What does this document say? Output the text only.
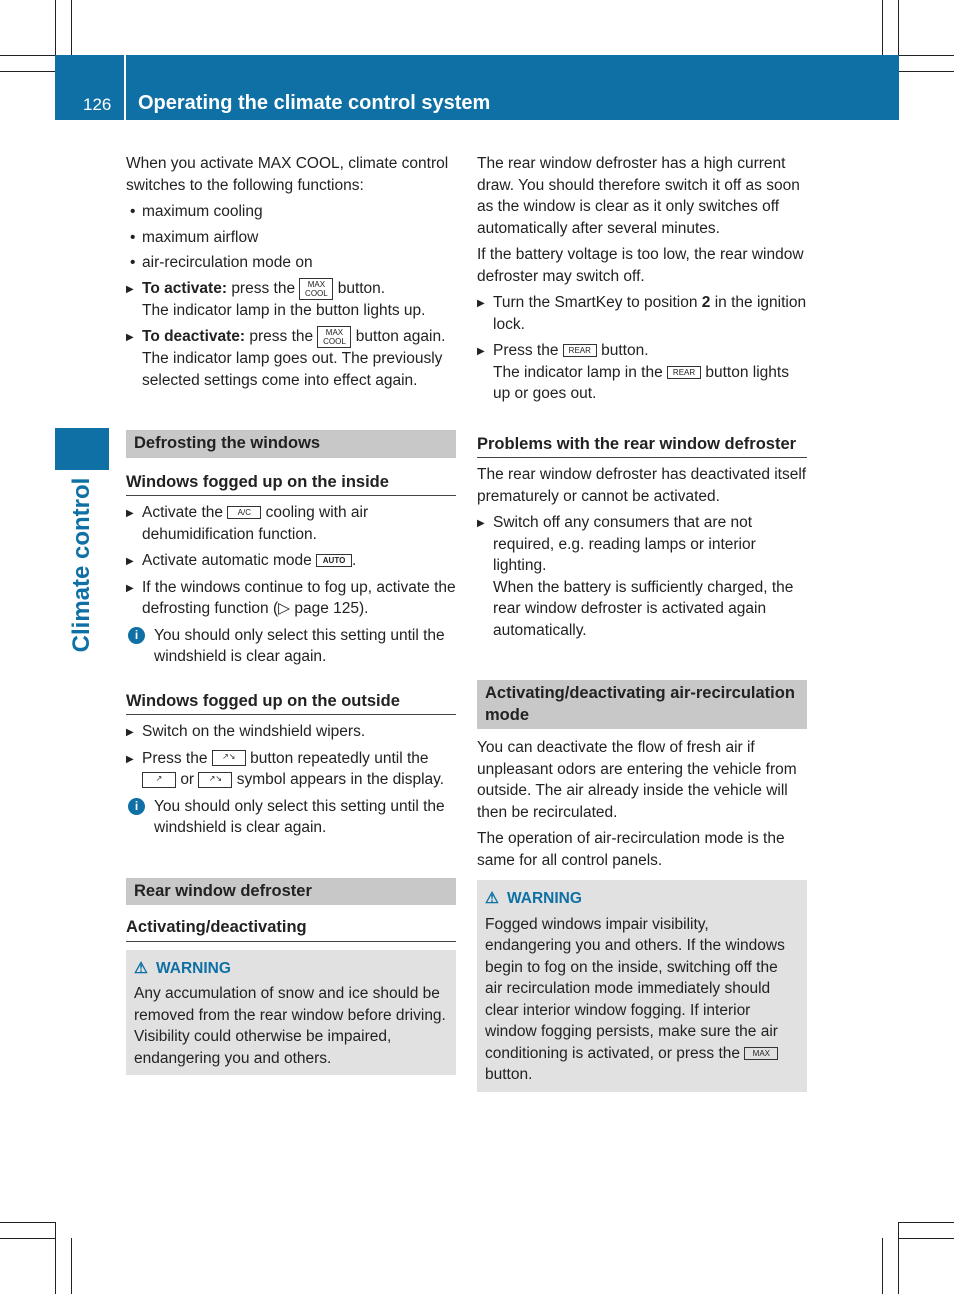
126 Operating the climate control system
Climate control

When you activate MAX COOL, climate control switches to the following functions:

• maximum cooling

• maximum airflow

• air-recirculation mode on

▶ To activate: press the MAX
COOL button.
The indicator lamp in the button lights up.
▶ To deactivate: press the MAX
COOL button again.
The indicator lamp goes out. The previously selected settings come into effect again.
Defrosting the windows
Windows fogged up on the inside
▶ Activate the A/C cooling with air dehumidification function.
▶ Activate automatic mode AUTO .
▶ If the windows continue to fog up, activate the defrosting function (▷ page 125).
i	You should only select this setting until the windshield is clear again.
Windows fogged up on the outside
▶ Switch on the windshield wipers.
▶ Press the ↗↘ button repeatedly until the ↗ or ↗↘ symbol appears in the display.
i	You should only select this setting until the windshield is clear again.
Rear window defroster
Activating/deactivating

⚠ WARNING

Any accumulation of snow and ice should be removed from the rear window before driving. Visibility could otherwise be impaired, endangering you and others.

The rear window defroster has a high current draw. You should therefore switch it off as soon as the window is clear as it only switches off automatically after several minutes.

If the battery voltage is too low, the rear window defroster may switch off.

▶ Turn the SmartKey to position 2 in the ignition lock.
▶ Press the REAR button.
The indicator lamp in the REAR button lights up or goes out.
Problems with the rear window defroster

The rear window defroster has deactivated itself prematurely or cannot be activated.

▶ Switch off any consumers that are not required, e.g. reading lamps or interior lighting.
When the battery is sufficiently charged, the rear window defroster is activated again automatically.
Activating/deactivating air-recirculation mode

You can deactivate the flow of fresh air if unpleasant odors are entering the vehicle from outside. The air already inside the vehicle will then be recirculated.

The operation of air-recirculation mode is the same for all control panels.

⚠ WARNING

Fogged windows impair visibility, endangering you and others. If the windows begin to fog on the inside, switching off the air recirculation mode immediately should clear interior window fogging. If interior window fogging persists, make sure the air conditioning is activated, or press the MAX button.
